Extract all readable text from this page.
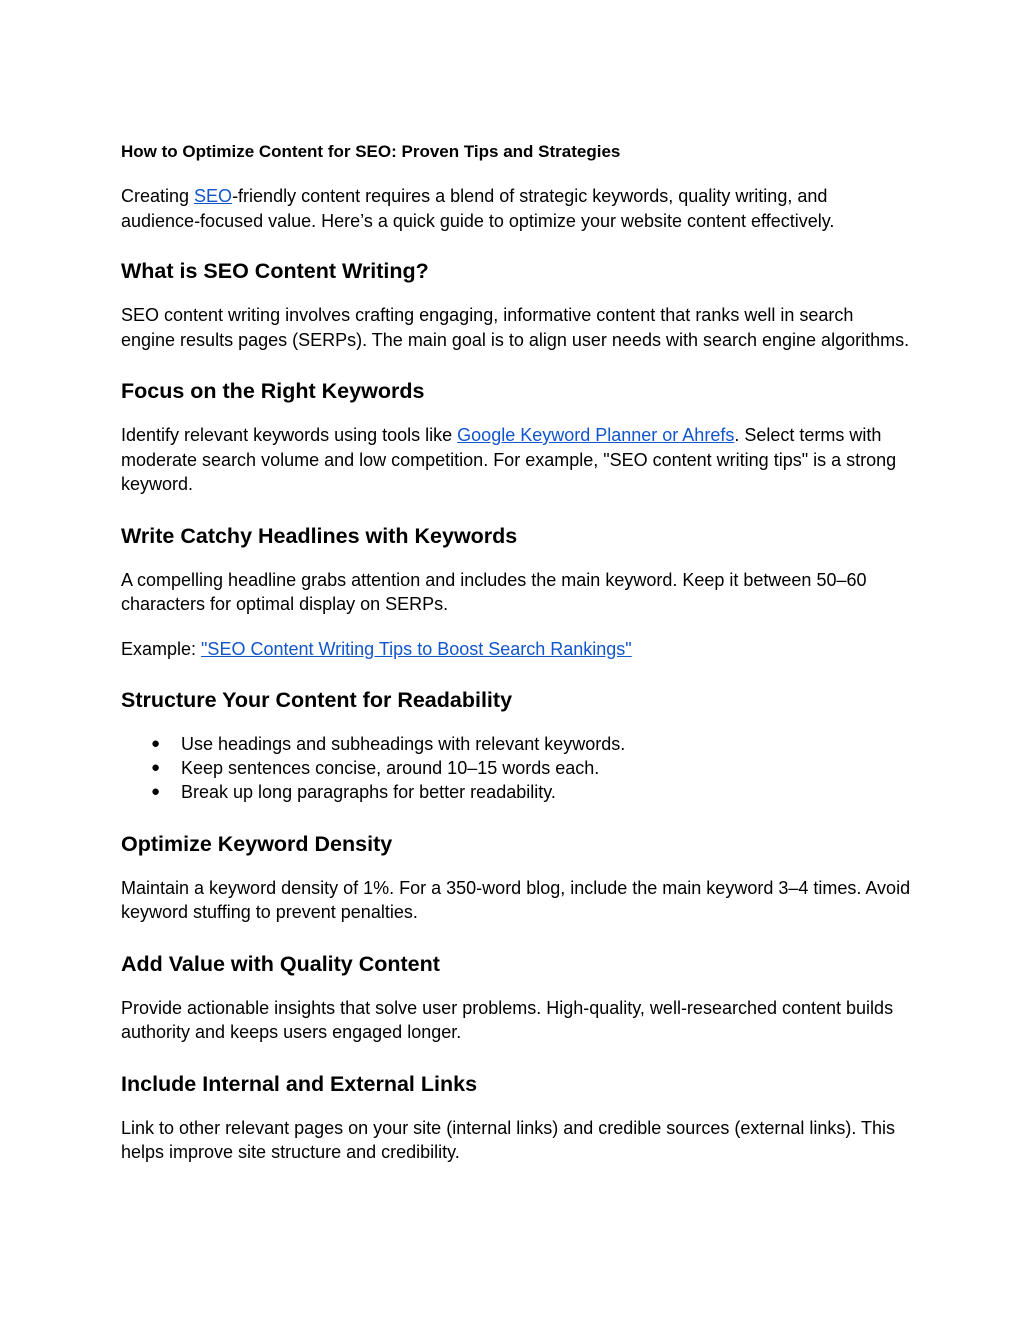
How to Optimize Content for SEO: Proven Tips and Strategies

Creating SEO-friendly content requires a blend of strategic keywords, quality writing, and audience-focused value. Here’s a quick guide to optimize your website content effectively.

What is SEO Content Writing?

SEO content writing involves crafting engaging, informative content that ranks well in search engine results pages (SERPs). The main goal is to align user needs with search engine algorithms.

Focus on the Right Keywords

Identify relevant keywords using tools like Google Keyword Planner or Ahrefs. Select terms with moderate search volume and low competition. For example, "SEO content writing tips" is a strong keyword.

Write Catchy Headlines with Keywords

A compelling headline grabs attention and includes the main keyword. Keep it between 50–60 characters for optimal display on SERPs.

Example: "SEO Content Writing Tips to Boost Search Rankings"

Structure Your Content for Readability
● Use headings and subheadings with relevant keywords.
● Keep sentences concise, around 10–15 words each.
● Break up long paragraphs for better readability.
Optimize Keyword Density

Maintain a keyword density of 1%. For a 350-word blog, include the main keyword 3–4 times. Avoid keyword stuffing to prevent penalties.

Add Value with Quality Content

Provide actionable insights that solve user problems. High-quality, well-researched content builds authority and keeps users engaged longer.

Include Internal and External Links

Link to other relevant pages on your site (internal links) and credible sources (external links). This helps improve site structure and credibility.
